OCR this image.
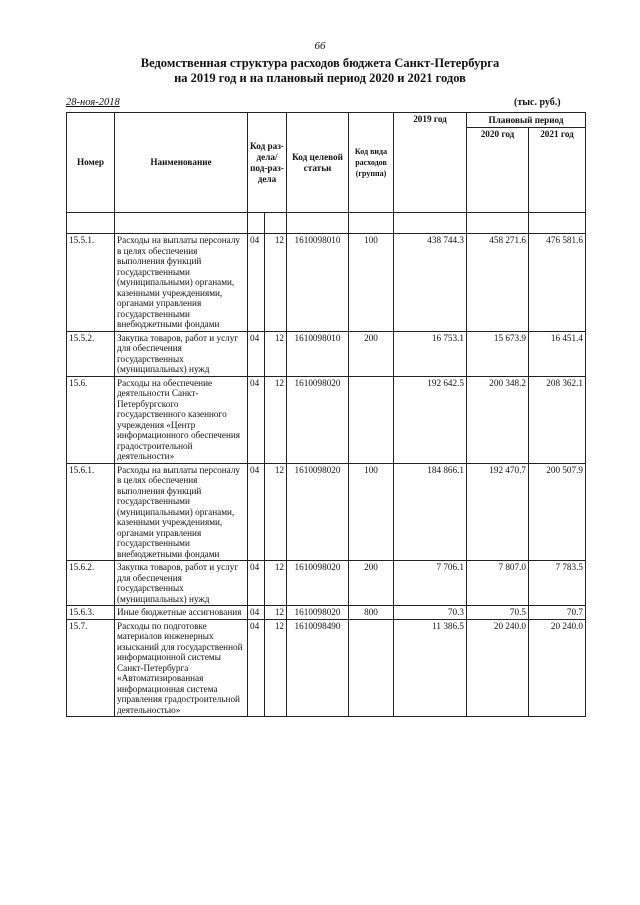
66
Ведомственная структура расходов бюджета Санкт-Петербурга
на 2019 год и на плановый период 2020 и 2021 годов
28-ноя-2018	(тыс. руб.)
Номер	Наименование	Код раз-дела/под-раз-дела		Код целевой статьи	Код вида расходов (группа)	2019 год	Плановый период	
							2020 год	2021 год

15.5.1.	Расходы на выплаты персоналу в целях обеспечения выполнения функций государственными (муниципальными) органами, казенными учреждениями, органами управления государственными внебюджетными фондами	04	12	1610098010	100	438 744.3	458 271.6	476 581.6
15.5.2.	Закупка товаров, работ и услуг для обеспечения государственных (муниципальных) нужд	04	12	1610098010	200	16 753.1	15 673.9	16 451.4
15.6.	Расходы на обеспечение деятельности Санкт-Петербургского государственного казенного учреждения «Центр информационного обеспечения градостроительной деятельности»	04	12	1610098020		192 642.5	200 348.2	208 362.1
15.6.1.	Расходы на выплаты персоналу в целях обеспечения выполнения функций государственными (муниципальными) органами, казенными учреждениями, органами управления государственными внебюджетными фондами	04	12	1610098020	100	184 866.1	192 470.7	200 507.9
15.6.2.	Закупка товаров, работ и услуг для обеспечения государственных (муниципальных) нужд	04	12	1610098020	200	7 706.1	7 807.0	7 783.5
15.6.3.	Иные бюджетные ассигнования	04	12	1610098020	800	70.3	70.5	70.7
15.7.	Расходы по подготовке материалов инженерных изысканий для государственной информационной системы Санкт-Петербурга «Автоматизированная информационная система управления градостроительной деятельностью»	04	12	1610098490		11 386.5	20 240.0	20 240.0
